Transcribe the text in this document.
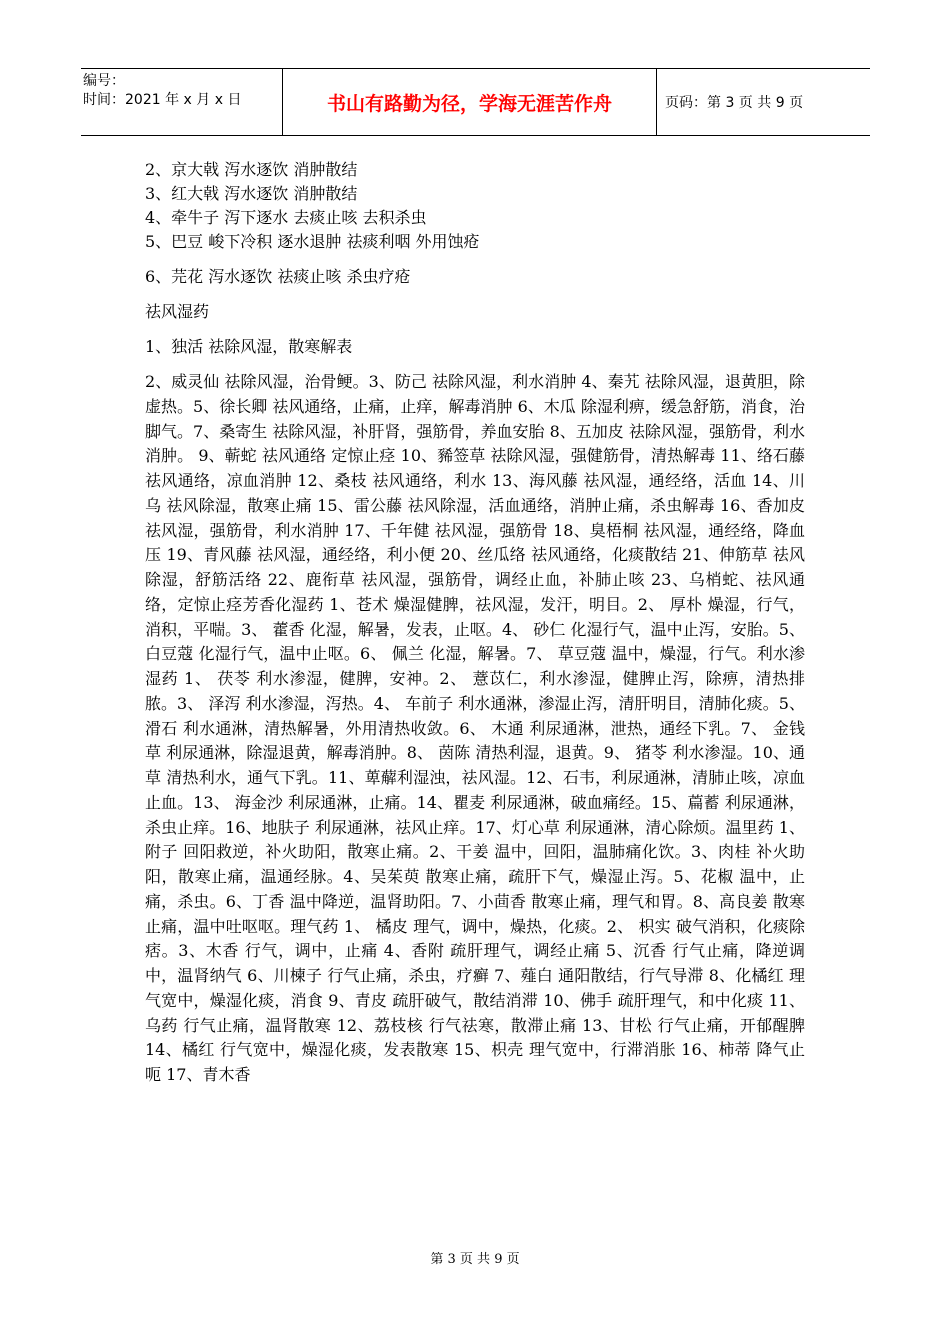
编号：
时间：2021 年 x 月 x 日	书山有路勤为径，学海无涯苦作舟	页码：第 3 页 共 9 页

2、京大戟 泻水逐饮 消肿散结

3、红大戟 泻水逐饮 消肿散结

4、牵牛子 泻下逐水 去痰止咳 去积杀虫

5、巴豆 峻下冷积 逐水退肿 祛痰利咽 外用蚀疮

6、芫花 泻水逐饮 祛痰止咳 杀虫疗疮

祛风湿药

1、独活 祛除风湿，散寒解表

2、威灵仙 祛除风湿，治骨鲠。3、防己 祛除风湿，利水消肿 4、秦艽 祛除风湿，退黄胆，除虚热。5、徐长卿 祛风通络，止痛，止痒，解毒消肿 6、木瓜 除湿利痹，缓急舒筋，消食，治脚气。7、桑寄生 祛除风湿，补肝肾，强筋骨，养血安胎 8、五加皮 祛除风湿，强筋骨，利水消肿。 9、蕲蛇 祛风通络 定惊止痉 10、豨签草 祛除风湿，强健筋骨，清热解毒 11、络石藤 祛风通络，凉血消肿 12、桑枝 祛风通络，利水 13、海风藤 祛风湿，通经络，活血 14、川乌 祛风除湿，散寒止痛 15、雷公藤 祛风除湿，活血通络，消肿止痛，杀虫解毒 16、香加皮 祛风湿，强筋骨，利水消肿 17、千年健 祛风湿，强筋骨 18、臭梧桐 祛风湿，通经络，降血压 19、青风藤 祛风湿，通经络，利小便 20、丝瓜络 祛风通络，化痰散结 21、伸筋草 祛风除湿，舒筋活络 22、鹿衔草 祛风湿，强筋骨，调经止血，补肺止咳 23、乌梢蛇、祛风通络，定惊止痉芳香化湿药 1、苍术 燥湿健脾，祛风湿，发汗，明目。2、 厚朴 燥湿，行气，消积，平喘。3、 藿香 化湿，解暑，发表，止呕。4、 砂仁 化湿行气，温中止泻，安胎。5、 白豆蔻 化湿行气，温中止呕。6、 佩兰 化湿，解暑。7、 草豆蔻 温中，燥湿，行气。利水渗湿药 1、 茯苓 利水渗湿，健脾，安神。2、 薏苡仁，利水渗湿，健脾止泻，除痹，清热排脓。3、 泽泻 利水渗湿，泻热。4、 车前子 利水通淋，渗湿止泻，清肝明目，清肺化痰。5、 滑石 利水通淋，清热解暑，外用清热收敛。6、 木通 利尿通淋，泄热，通经下乳。7、 金钱草 利尿通淋，除湿退黄，解毒消肿。8、 茵陈 清热利湿，退黄。9、 猪苓 利水渗湿。10、通草 清热利水，通气下乳。11、萆薢利湿浊，祛风湿。12、石韦，利尿通淋，清肺止咳，凉血止血。13、 海金沙 利尿通淋，止痛。14、瞿麦 利尿通淋，破血痛经。15、萹蓄 利尿通淋，杀虫止痒。16、地肤子 利尿通淋，祛风止痒。17、灯心草 利尿通淋，清心除烦。温里药 1、附子 回阳救逆，补火助阳，散寒止痛。2、干姜 温中，回阳，温肺痛化饮。3、肉桂 补火助阳，散寒止痛，温通经脉。4、吴茱萸 散寒止痛，疏肝下气，燥湿止泻。5、花椒 温中，止痛，杀虫。6、丁香 温中降逆，温肾助阳。7、小茴香 散寒止痛，理气和胃。8、高良姜 散寒止痛，温中吐呕呕。理气药 1、 橘皮 理气，调中，燥热，化痰。2、 枳实 破气消积，化痰除痞。3、木香 行气，调中，止痛 4、香附 疏肝理气，调经止痛 5、沉香 行气止痛，降逆调中，温肾纳气 6、川楝子 行气止痛，杀虫，疗癣 7、薤白 通阳散结，行气导滞 8、化橘红 理气宽中，燥湿化痰，消食 9、青皮 疏肝破气，散结消滞 10、佛手 疏肝理气，和中化痰 11、乌药 行气止痛，温肾散寒 12、荔枝核 行气祛寒，散滞止痛 13、甘松 行气止痛，开郁醒脾 14、橘红 行气宽中，燥湿化痰，发表散寒 15、枳壳 理气宽中，行滞消胀 16、柿蒂 降气止呃 17、青木香

第 3 页 共 9 页
